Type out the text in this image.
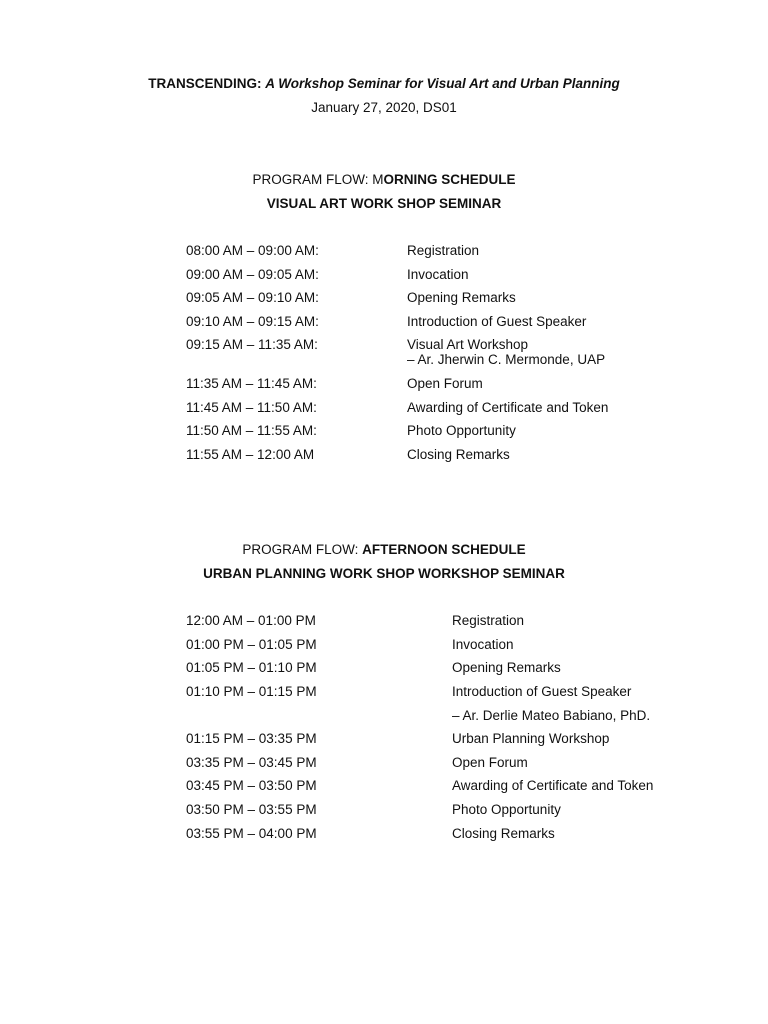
TRANSCENDING: A Workshop Seminar for Visual Art and Urban Planning
January 27, 2020, DS01
PROGRAM FLOW: MORNING SCHEDULE
VISUAL ART WORK SHOP SEMINAR
08:00 AM – 09:00 AM:	Registration
09:00 AM – 09:05 AM:	Invocation
09:05 AM – 09:10 AM:	Opening Remarks
09:10 AM – 09:15 AM:	Introduction of Guest Speaker
09:15 AM – 11:35 AM:	Visual Art Workshop
– Ar. Jherwin C. Mermonde, UAP
11:35 AM – 11:45 AM:	Open Forum
11:45 AM – 11:50 AM:	Awarding of Certificate and Token
11:50 AM – 11:55 AM:	Photo Opportunity
11:55 AM – 12:00 AM	Closing Remarks
PROGRAM FLOW: AFTERNOON SCHEDULE
URBAN PLANNING WORK SHOP WORKSHOP SEMINAR
12:00 AM – 01:00 PM	Registration
01:00 PM – 01:05 PM	Invocation
01:05 PM – 01:10 PM	Opening Remarks
01:10 PM – 01:15 PM	Introduction of Guest Speaker
– Ar. Derlie Mateo Babiano, PhD.
01:15 PM – 03:35 PM	Urban Planning Workshop
03:35 PM – 03:45 PM	Open Forum
03:45 PM – 03:50 PM	Awarding of Certificate and Token
03:50 PM – 03:55 PM	Photo Opportunity
03:55 PM – 04:00 PM	Closing Remarks
